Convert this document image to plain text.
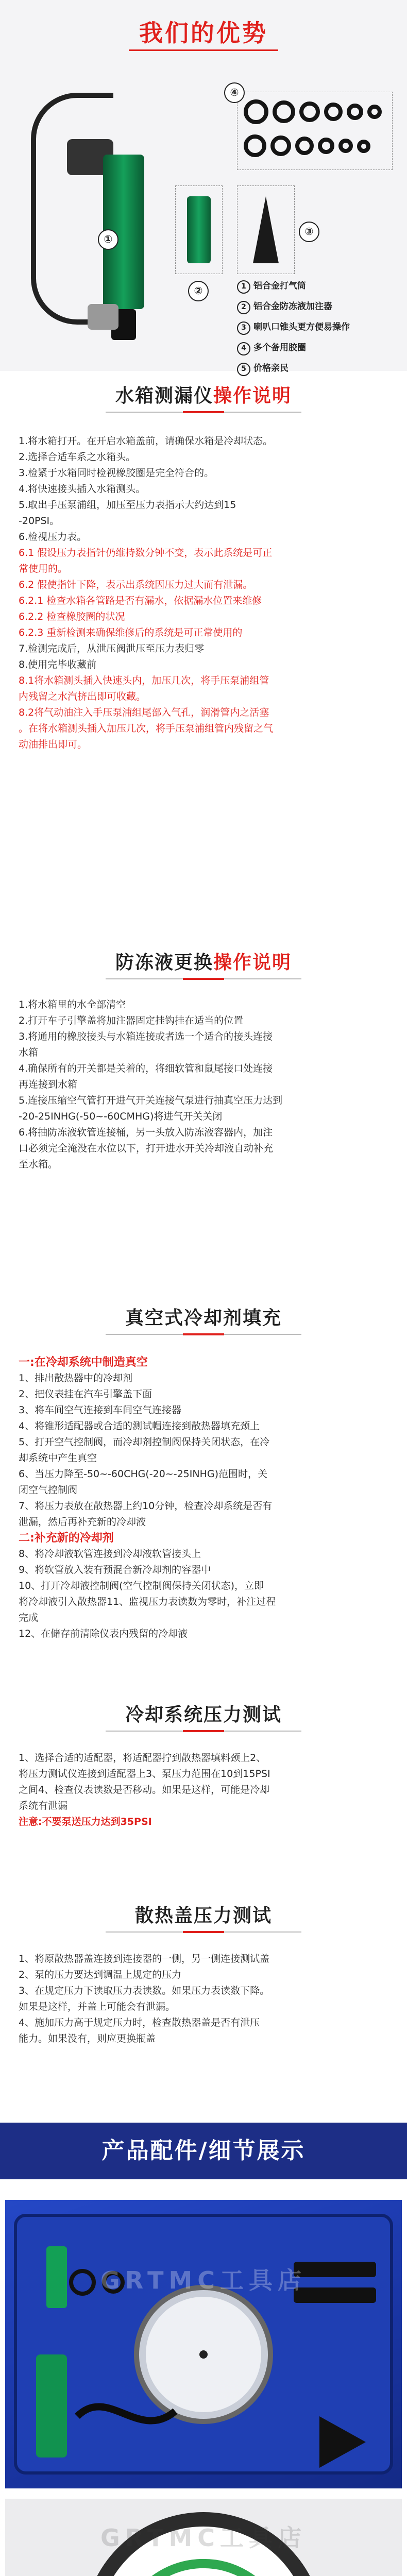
我们的优势
①
④
②
③
1 铝合金打气筒
2 铝合金防冻液加注器
3 喇叭口锥头更方便易操作
4 多个备用胶圈
5 价格亲民
水箱测漏仪操作说明

1.将水箱打开。在开启水箱盖前，请确保水箱是冷却状态。

2.选择合适车系之水箱头。

3.检紧于水箱同时检视橡胶圈是完全符合的。

4.将快速接头插入水箱测头。

5.取出手压泵浦组，加压至压力表指示大约达到15

-20PSI。

6.检视压力表。

6.1 假设压力表指针仍维持数分钟不变，表示此系统是可正

常使用的。

6.2 假使指针下降，表示出系统因压力过大而有泄漏。

6.2.1 检查水箱各管路是否有漏水，依据漏水位置来维修

6.2.2 检查橡胶圈的状况

6.2.3 重新检测来确保维修后的系统是可正常使用的

7.检测完成后，从泄压阀泄压至压力表归零

8.使用完毕收藏前

8.1将水箱测头插入快速头内，加压几次，将手压泵浦组管

内残留之水汽挤出即可收藏。

8.2将气动油注入手压泵浦组尾部入气孔，润滑管内之活塞

。在将水箱测头插入加压几次，将手压泵浦组管内残留之气

动油排出即可。

防冻液更换操作说明

1.将水箱里的水全部清空

2.打开车子引擎盖将加注器固定挂钩挂在适当的位置

3.将通用的橡胶接头与水箱连接或者选一个适合的接头连接

水箱

4.确保所有的开关都是关着的，将细软管和鼠尾接口处连接

再连接到水箱

5.连接压缩空气管打开进气开关连接气泵进行抽真空压力达到

-20-25INHG(-50~-60CMHG)将进气开关关闭

6.将抽防冻液软管连接桶，另一头放入防冻液容器内，加注

口必须完全淹没在水位以下，打开进水开关冷却液自动补充

至水箱。

真空式冷却剂填充

一:在冷却系统中制造真空

1、排出散热器中的冷却剂

2、把仪表挂在汽车引擎盖下面

3、将车间空气连接到车间空气连接器

4、将锥形适配器或合适的测试帽连接到散热器填充颈上

5、打开空气控制阀，而冷却剂控制阀保持关闭状态，在冷

却系统中产生真空

6、当压力降至-50~-60CHG(-20~-25INHG)范围时，关

闭空气控制阀

7、将压力表放在散热器上约10分钟，检查冷却系统是否有

泄漏，然后再补充新的冷却液

二:补充新的冷却剂

8、将冷却液软管连接到冷却液软管接头上

9、将软管放入装有预混合新冷却剂的容器中

10、打开冷却液控制阀(空气控制阀保持关闭状态)，立即

将冷却液引入散热器11、监视压力表读数为零时，补注过程

完成

12、在储存前清除仪表内残留的冷却液

冷却系统压力测试

1、选择合适的适配器，将适配器拧到散热器填料颈上2、

将压力测试仪连接到适配器上3、泵压力范围在10到15PSI

之间4、检查仪表读数是否移动。如果是这样，可能是冷却

系统有泄漏

注意:不要泵送压力达到35PSI

散热盖压力测试

1、将原散热器盖连接到连接器的一侧，另一侧连接测试盖

2、泵的压力要达到调温上规定的压力

3、在规定压力下读取压力表读数。如果压力表读数下降。

如果是这样，并盖上可能会有泄漏。

4、施加压力高于规定压力时，检查散热器盖是否有泄压

能力。如果没有，则应更换瓶盖

产品配件/细节展示
GRTMC工具店
GRTMC工具店
